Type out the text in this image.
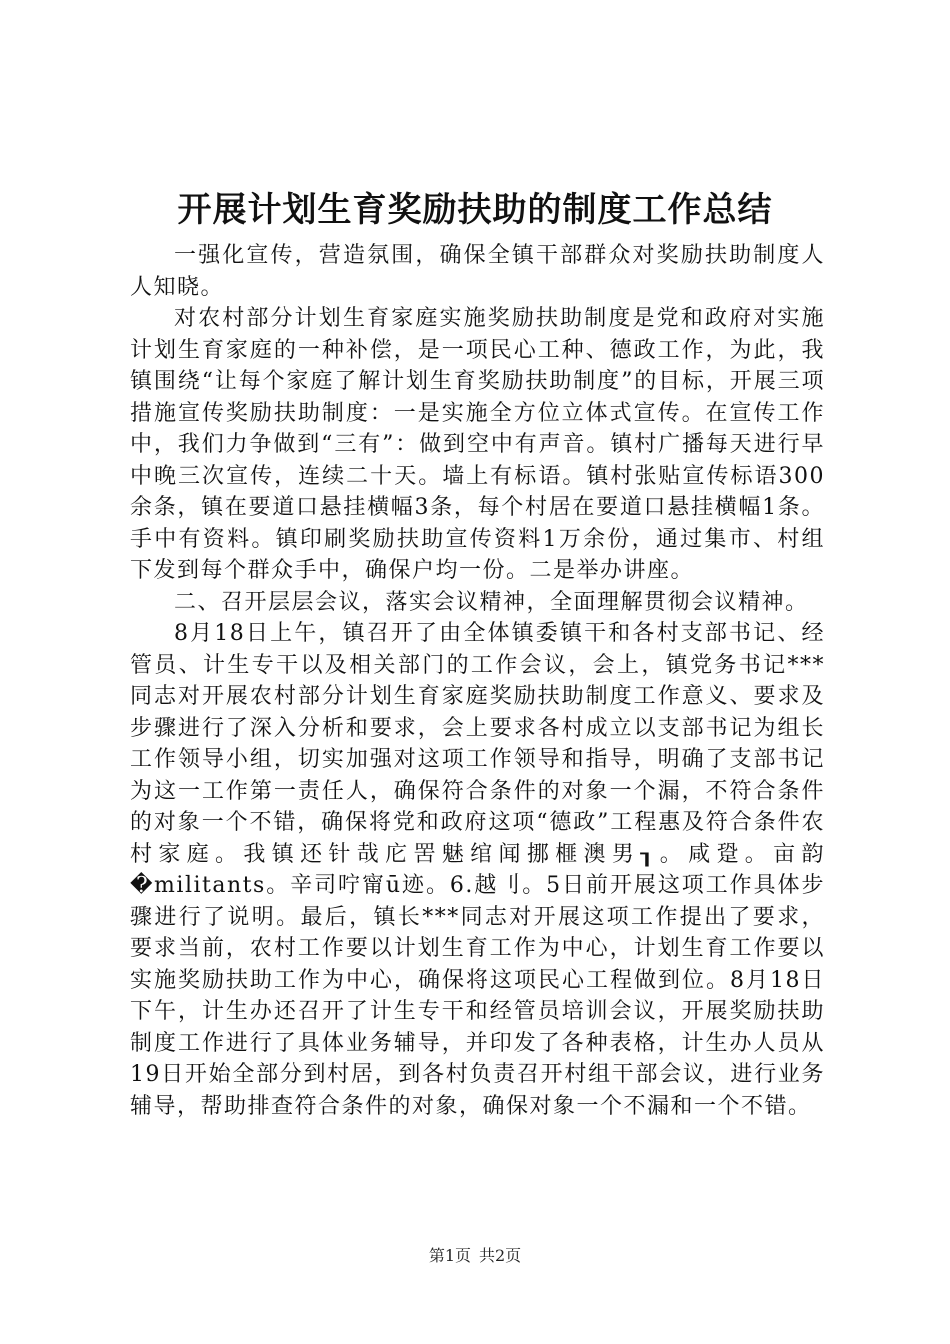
开展计划生育奖励扶助的制度工作总结

一强化宣传，营造氛围，确保全镇干部群众对奖励扶助制度人人知晓。

对农村部分计划生育家庭实施奖励扶助制度是党和政府对实施计划生育家庭的一种补偿，是一项民心工种、德政工作，为此，我镇围绕“让每个家庭了解计划生育奖励扶助制度”的目标，开展三项措施宣传奖励扶助制度：一是实施全方位立体式宣传。在宣传工作中，我们力争做到“三有”：做到空中有声音。镇村广播每天进行早中晚三次宣传，连续二十天。墙上有标语。镇村张贴宣传标语300余条，镇在要道口悬挂横幅3条，每个村居在要道口悬挂横幅1条。手中有资料。镇印刷奖励扶助宣传资料1万余份，通过集市、村组下发到每个群众手中，确保户均一份。二是举办讲座。

二、召开层层会议，落实会议精神，全面理解贯彻会议精神。

8月18日上午，镇召开了由全体镇委镇干和各村支部书记、经管员、计生专干以及相关部门的工作会议，会上，镇党务书记***同志对开展农村部分计划生育家庭奖励扶助制度工作意义、要求及步骤进行了深入分析和要求，会上要求各村成立以支部书记为组长工作领导小组，切实加强对这项工作领导和指导，明确了支部书记为这一工作第一责任人，确保符合条件的对象一个漏，不符合条件的对象一个不错，确保将党和政府这项“德政”工程惠及符合条件农村家庭。我镇还针哉庀罟魅绾闻挪榧澳男┒。咸跫。亩韵�militants。辛司咛甯ū迹。6.越刂。5日前开展这项工作具体步骤进行了说明。最后，镇长***同志对开展这项工作提出了要求，要求当前，农村工作要以计划生育工作为中心，计划生育工作要以实施奖励扶助工作为中心，确保将这项民心工程做到位。8月18日下午，计生办还召开了计生专干和经管员培训会议，开展奖励扶助制度工作进行了具体业务辅导，并印发了各种表格，计生办人员从19日开始全部分到村居，到各村负责召开村组干部会议，进行业务辅导，帮助排查符合条件的对象，确保对象一个不漏和一个不错。

第1页 共2页
